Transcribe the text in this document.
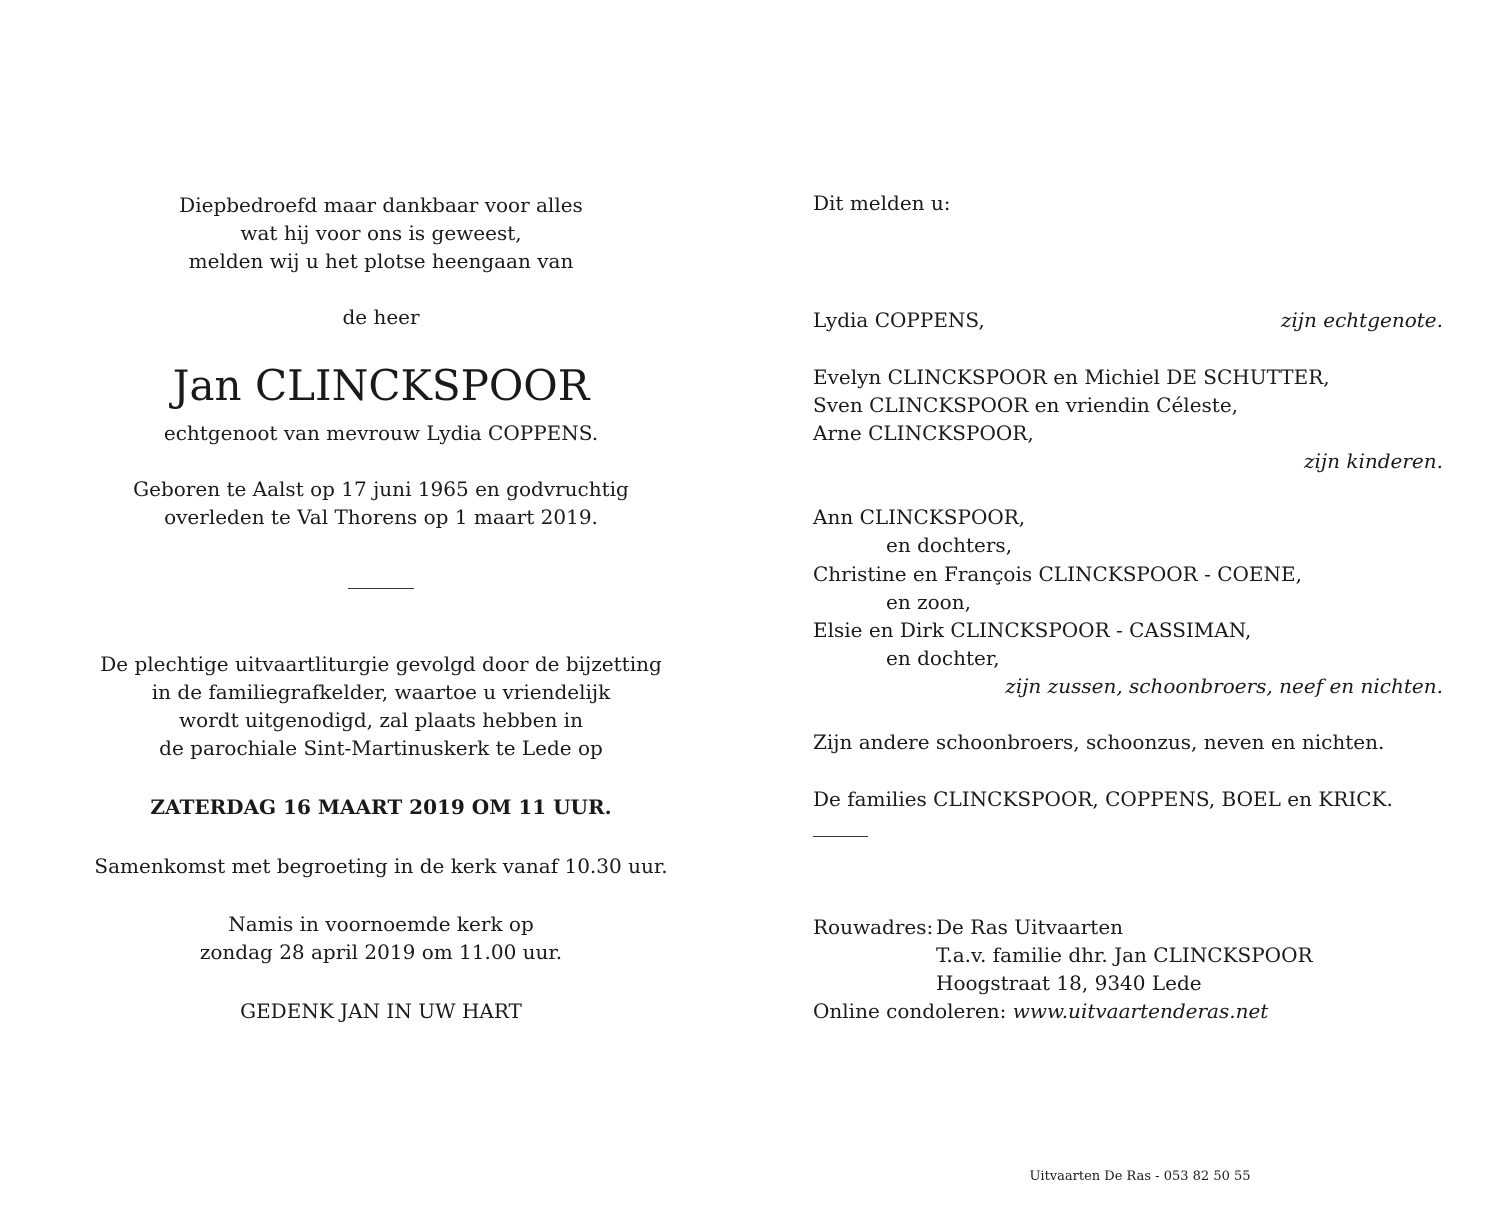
Diepbedroefd maar dankbaar voor alles
wat hij voor ons is geweest,
melden wij u het plotse heengaan van
de heer
Jan CLINCKSPOOR
echtgenoot van mevrouw Lydia COPPENS.
Geboren te Aalst op 17 juni 1965 en godvruchtig
overleden te Val Thorens op 1 maart 2019.
De plechtige uitvaartliturgie gevolgd door de bijzetting
in de familiegrafkelder, waartoe u vriendelijk
wordt uitgenodigd, zal plaats hebben in
de parochiale Sint-Martinuskerk te Lede op
ZATERDAG 16 MAART 2019 OM 11 UUR.
Samenkomst met begroeting in de kerk vanaf 10.30 uur.
Namis in voornoemde kerk op
zondag 28 april 2019 om 11.00 uur.
GEDENK JAN IN UW HART
Dit melden u:
Lydia COPPENS,	zijn echtgenote.
Evelyn CLINCKSPOOR en Michiel DE SCHUTTER,
Sven CLINCKSPOOR en vriendin Céleste,
Arne CLINCKSPOOR,
zijn kinderen.
Ann CLINCKSPOOR,
en dochters,
Christine en François CLINCKSPOOR - COENE,
en zoon,
Elsie en Dirk CLINCKSPOOR - CASSIMAN,
en dochter,
zijn zussen, schoonbroers, neef en nichten.
Zijn andere schoonbroers, schoonzus, neven en nichten.
De families CLINCKSPOOR, COPPENS, BOEL en KRICK.
Rouwadres: De Ras Uitvaarten
T.a.v. familie dhr. Jan CLINCKSPOOR
Hoogstraat 18, 9340 Lede
Online condoleren: www.uitvaartenderas.net
Uitvaarten De Ras - 053 82 50 55
